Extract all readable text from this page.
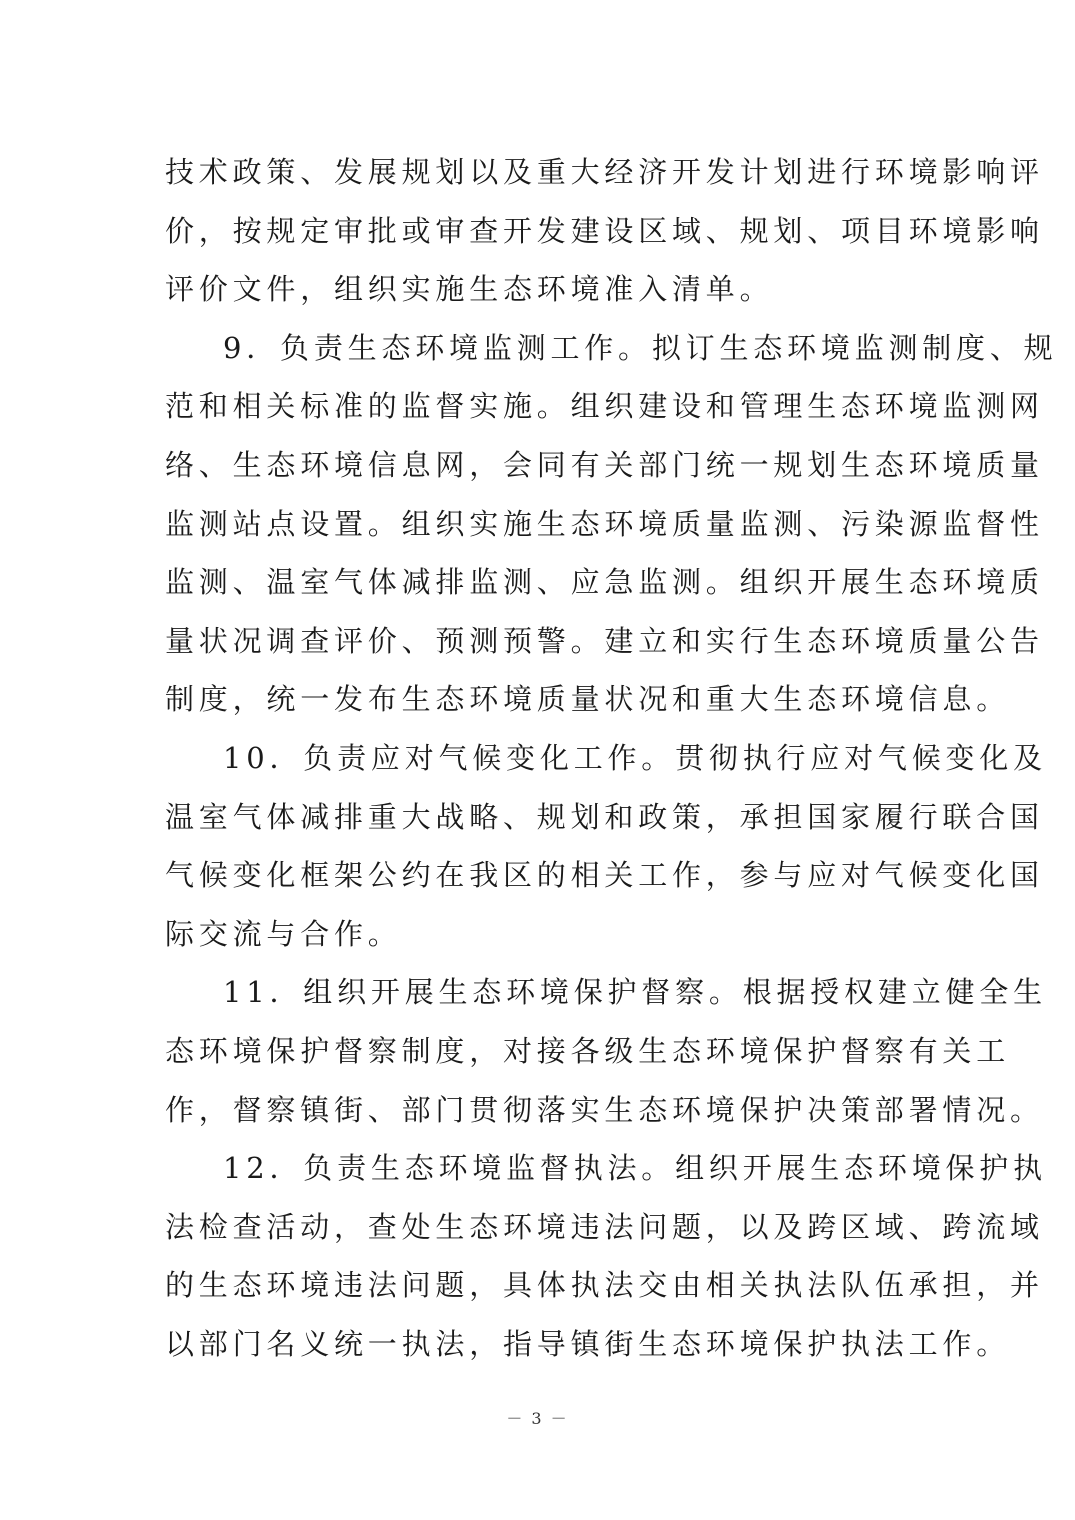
技术政策、发展规划以及重大经济开发计划进行环境影响评
价，按规定审批或审查开发建设区域、规划、项目环境影响
评价文件，组织实施生态环境准入清单。
9．负责生态环境监测工作。拟订生态环境监测制度、规
范和相关标准的监督实施。组织建设和管理生态环境监测网
络、生态环境信息网，会同有关部门统一规划生态环境质量
监测站点设置。组织实施生态环境质量监测、污染源监督性
监测、温室气体减排监测、应急监测。组织开展生态环境质
量状况调查评价、预测预警。建立和实行生态环境质量公告
制度，统一发布生态环境质量状况和重大生态环境信息。
10．负责应对气候变化工作。贯彻执行应对气候变化及
温室气体减排重大战略、规划和政策，承担国家履行联合国
气候变化框架公约在我区的相关工作，参与应对气候变化国
际交流与合作。
11．组织开展生态环境保护督察。根据授权建立健全生
态环境保护督察制度，对接各级生态环境保护督察有关工
作，督察镇街、部门贯彻落实生态环境保护决策部署情况。
12．负责生态环境监督执法。组织开展生态环境保护执
法检查活动，查处生态环境违法问题，以及跨区域、跨流域
的生态环境违法问题，具体执法交由相关执法队伍承担，并
以部门名义统一执法，指导镇街生态环境保护执法工作。
－ 3 －
